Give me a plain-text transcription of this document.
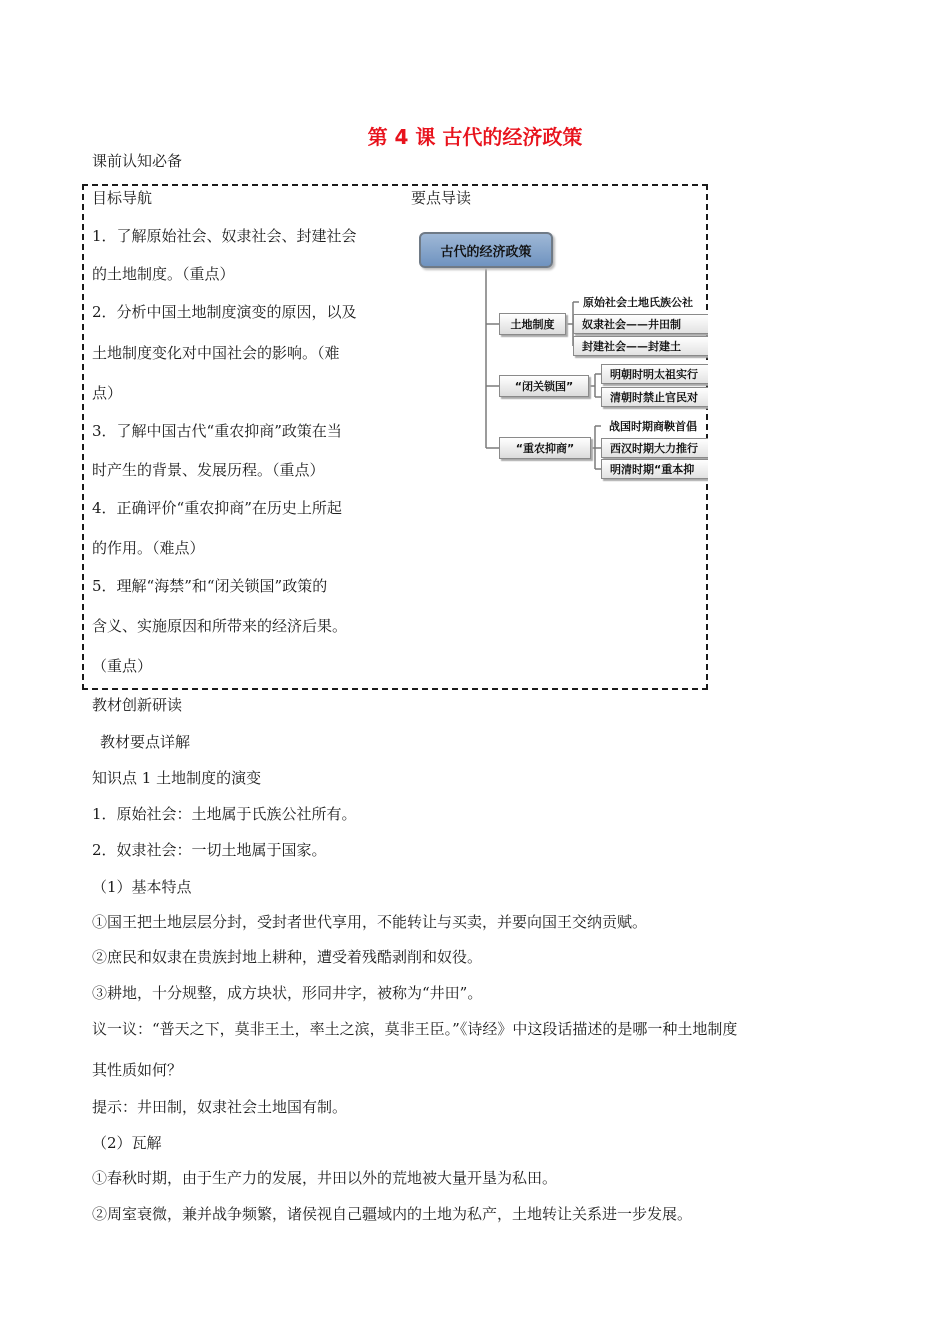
第 4 课 古代的经济政策
课前认知必备
目标导航	要点导读
1．了解原始社会、奴隶社会、封建社会
的土地制度。（重点）
2．分析中国土地制度演变的原因，以及
土地制度变化对中国社会的影响。（难
点）
3．了解中国古代“重农抑商”政策在当
时产生的背景、发展历程。（重点）
4．正确评价“重农抑商”在历史上所起
的作用。（难点）
5．理解“海禁”和“闭关锁国”政策的
含义、实施原因和所带来的经济后果。
（重点）
古代的经济政策
土地制度
原始社会土地氏族公社
奴隶社会——井田制
封建社会——封建土
“闭关锁国”
明朝时明太祖实行
清朝时禁止官民对
“重农抑商”
战国时期商鞅首倡
西汉时期大力推行
明清时期“重本抑
教材创新研读
教材要点详解
知识点 1 土地制度的演变
1．原始社会：土地属于氏族公社所有。
2．奴隶社会：一切土地属于国家。
（1）基本特点
①国王把土地层层分封，受封者世代享用，不能转让与买卖，并要向国王交纳贡赋。
②庶民和奴隶在贵族封地上耕种，遭受着残酷剥削和奴役。
③耕地，十分规整，成方块状，形同井字，被称为“井田”。
议一议：“普天之下，莫非王土，率土之滨，莫非王臣。”《诗经》中这段话描述的是哪一种土地制度
其性质如何？
提示：井田制，奴隶社会土地国有制。
（2）瓦解
①春秋时期，由于生产力的发展，井田以外的荒地被大量开垦为私田。
②周室衰微，兼并战争频繁，诸侯视自己疆域内的土地为私产，土地转让关系进一步发展。
